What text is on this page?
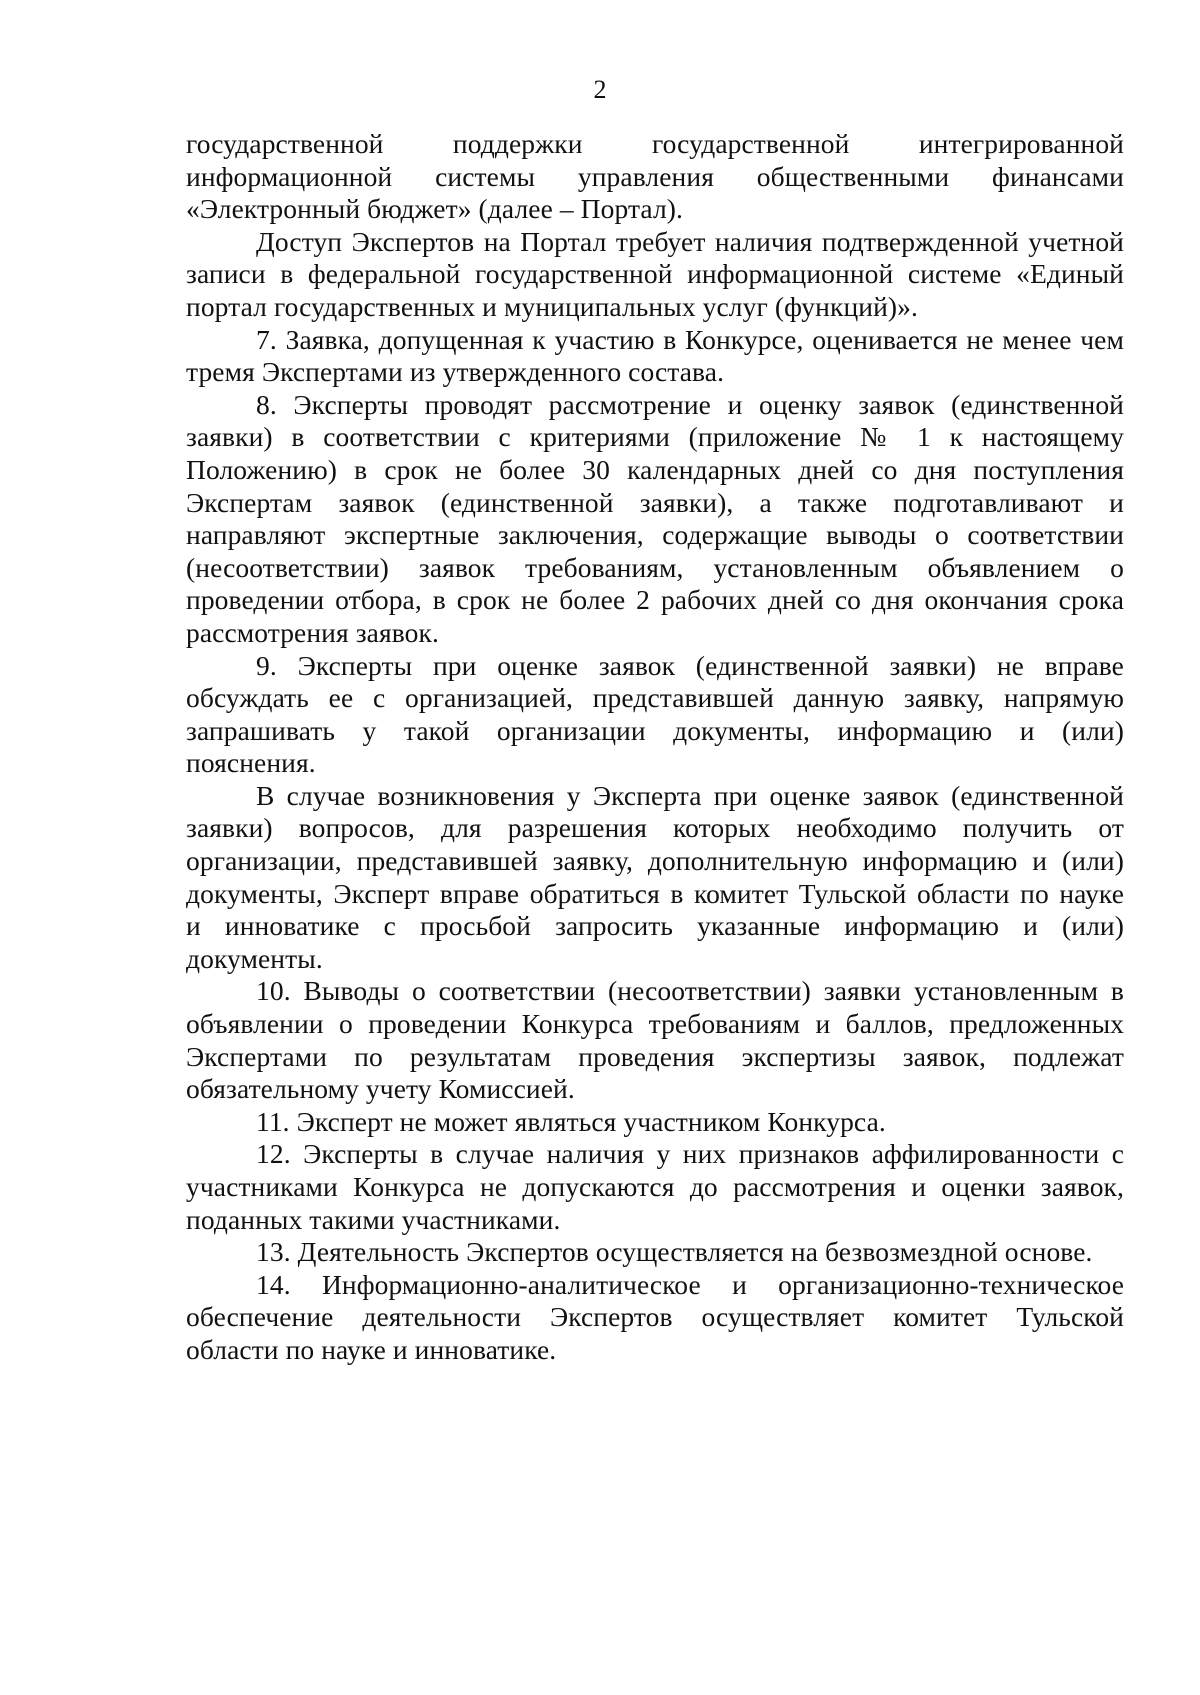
2
государственной поддержки государственной интегрированной
информационной системы управления общественными финансами
«Электронный бюджет» (далее – Портал).
Доступ Экспертов на Портал требует наличия подтвержденной учетной
записи в федеральной государственной информационной системе «Единый
портал государственных и муниципальных услуг (функций)».
7. Заявка, допущенная к участию в Конкурсе, оценивается не менее чем
тремя Экспертами из утвержденного состава.
8. Эксперты проводят рассмотрение и оценку заявок (единственной
заявки) в соответствии с критериями (приложение № 1 к настоящему
Положению) в срок не более 30 календарных дней со дня поступления
Экспертам заявок (единственной заявки), а также подготавливают и
направляют экспертные заключения, содержащие выводы о соответствии
(несоответствии) заявок требованиям, установленным объявлением о
проведении отбора, в срок не более 2 рабочих дней со дня окончания срока
рассмотрения заявок.
9. Эксперты при оценке заявок (единственной заявки) не вправе
обсуждать ее с организацией, представившей данную заявку, напрямую
запрашивать у такой организации документы, информацию и (или)
пояснения.
В случае возникновения у Эксперта при оценке заявок (единственной
заявки) вопросов, для разрешения которых необходимо получить от
организации, представившей заявку, дополнительную информацию и (или)
документы, Эксперт вправе обратиться в комитет Тульской области по науке
и инноватике с просьбой запросить указанные информацию и (или)
документы.
10. Выводы о соответствии (несоответствии) заявки установленным в
объявлении о проведении Конкурса требованиям и баллов, предложенных
Экспертами по результатам проведения экспертизы заявок, подлежат
обязательному учету Комиссией.
11. Эксперт не может являться участником Конкурса.
12. Эксперты в случае наличия у них признаков аффилированности с
участниками Конкурса не допускаются до рассмотрения и оценки заявок,
поданных такими участниками.
13. Деятельность Экспертов осуществляется на безвозмездной основе.
14. Информационно-аналитическое и организационно-техническое
обеспечение деятельности Экспертов осуществляет комитет Тульской
области по науке и инноватике.
